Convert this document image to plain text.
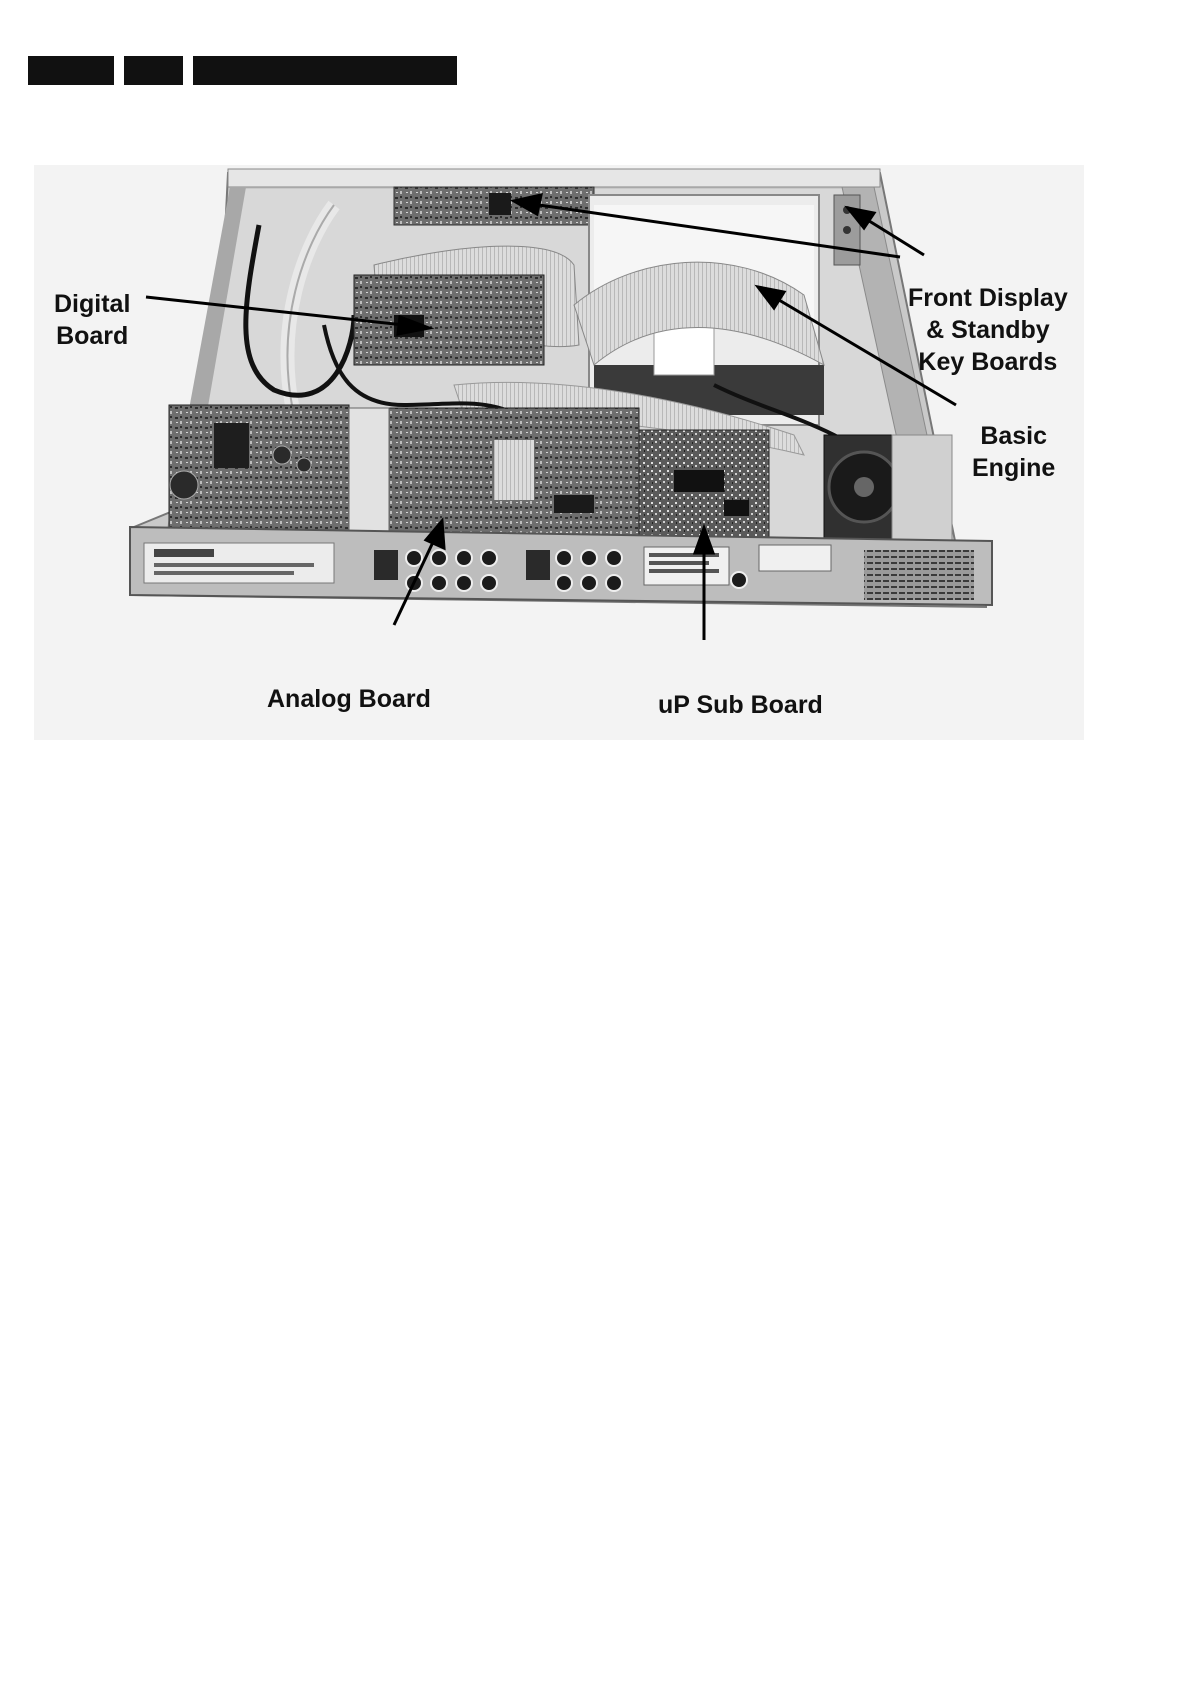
Digital
Board
Front Display
& Standby
Key Boards
Basic
Engine
Analog Board	uP Sub Board
